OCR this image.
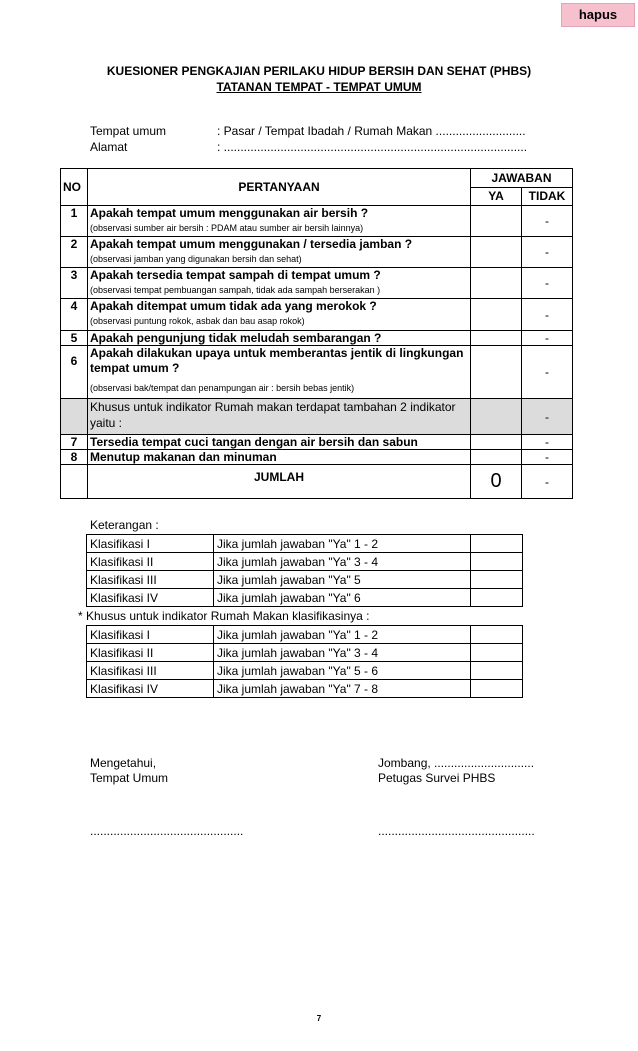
hapus
KUESIONER PENGKAJIAN PERILAKU HIDUP BERSIH DAN SEHAT (PHBS)
TATANAN TEMPAT - TEMPAT UMUM
Tempat umum	: Pasar / Tempat Ibadah / Rumah Makan ...........................
Alamat	: ...........................................................................................
NO	PERTANYAAN	JAWABAN
YA TIDAK	

1	Apakah tempat umum menggunakan air bersih ?
(observasi sumber air bersih : PDAM atau sumber air bersih lainnya)		-
2	Apakah tempat umum menggunakan / tersedia jamban ?
(observasi jamban yang digunakan bersih dan sehat)		-
3	Apakah tersedia tempat sampah di tempat umum ?
(observasi tempat pembuangan sampah, tidak ada sampah berserakan )		-
4	Apakah ditempat umum tidak ada yang merokok ?
(observasi puntung rokok, asbak dan bau asap rokok)		-
5	Apakah pengunjung tidak meludah sembarangan ?		-
6	Apakah dilakukan upaya untuk memberantas jentik di lingkungan tempat umum ?
(observasi bak/tempat dan penampungan air : bersih bebas jentik)		-
	Khusus untuk indikator Rumah makan terdapat tambahan 2 indikator yaitu :		-
7	Tersedia tempat cuci tangan dengan air bersih dan sabun		-
8	Menutup makanan dan minuman		-
	JUMLAH	0	-
Keterangan :
Klasifikasi I	Jika jumlah jawaban "Ya" 1 - 2	
Klasifikasi II	Jika jumlah jawaban "Ya" 3 - 4	
Klasifikasi III	Jika jumlah jawaban "Ya" 5	
Klasifikasi IV	Jika jumlah jawaban "Ya" 6	
* Khusus untuk indikator Rumah Makan klasifikasinya :
Klasifikasi I	Jika jumlah jawaban "Ya" 1 - 2	
Klasifikasi II	Jika jumlah jawaban "Ya" 3 - 4	
Klasifikasi III	Jika jumlah jawaban "Ya" 5 - 6	
Klasifikasi IV	Jika jumlah jawaban "Ya" 7 - 8	
Mengetahui,
Tempat Umum
..............................................
Jombang, ..............................
Petugas Survei PHBS
...............................................
7
